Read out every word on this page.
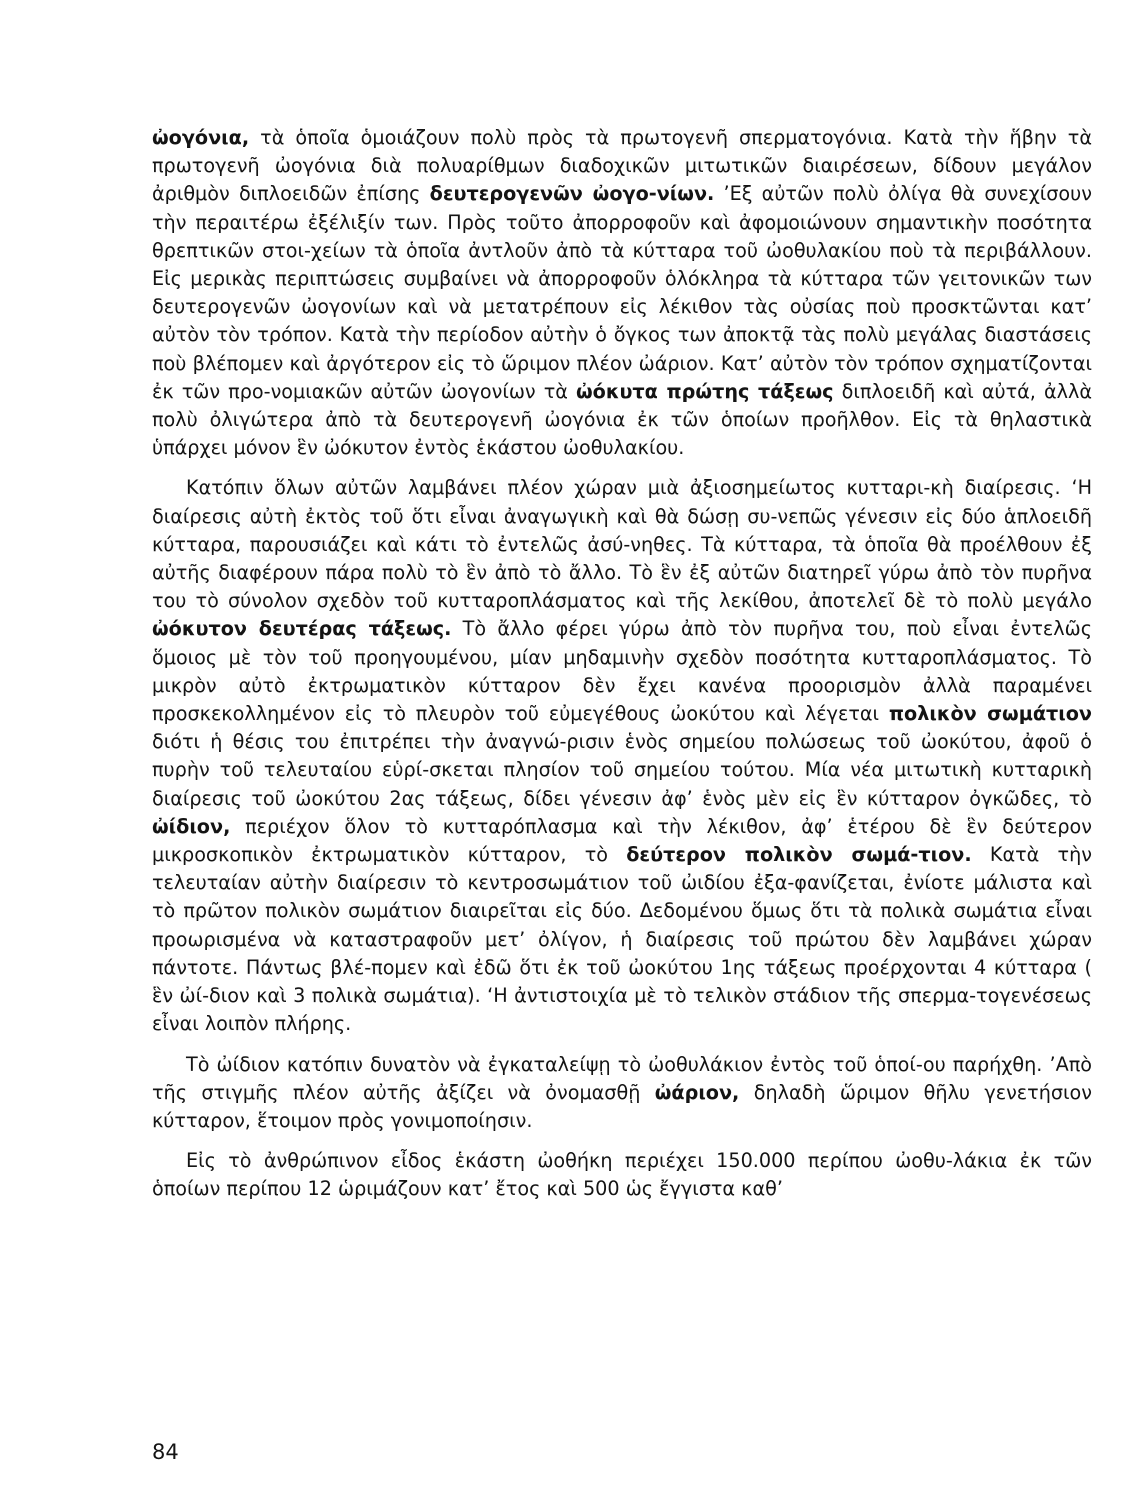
ὠογόνια, τὰ ὁποῖα ὁμοιάζουν πολὺ πρὸς τὰ πρωτογενῆ σπερματογόνια. Κατὰ τὴν ἥβην τὰ πρωτογενῆ ὠογόνια διὰ πολυαρίθμων διαδοχικῶν μιτωτικῶν διαιρέσεων, δίδουν μεγάλον ἀριθμὸν διπλοειδῶν ἐπίσης δευτερογενῶν ὠογο-νίων. ’Εξ αὐτῶν πολὺ ὀλίγα θὰ συνεχίσουν τὴν περαιτέρω ἐξέλιξίν των. Πρὸς τοῦτο ἀπορροφοῦν καὶ ἀφομοιώνουν σημαντικὴν ποσότητα θρεπτικῶν στοι-χείων τὰ ὁποῖα ἀντλοῦν ἀπὸ τὰ κύτταρα τοῦ ὠοθυλακίου ποὺ τὰ περιβάλλουν. Εἰς μερικὰς περιπτώσεις συμβαίνει νὰ ἀπορροφοῦν ὁλόκληρα τὰ κύτταρα τῶν γειτονικῶν των δευτερογενῶν ὠογονίων καὶ νὰ μετατρέπουν εἰς λέκιθον τὰς οὐσίας ποὺ προσκτῶνται κατ’ αὐτὸν τὸν τρόπον. Κατὰ τὴν περίοδον αὐτὴν ὁ ὄγκος των ἀποκτᾷ τὰς πολὺ μεγάλας διαστάσεις ποὺ βλέπομεν καὶ ἀργότερον εἰς τὸ ὥριμον πλέον ὠάριον. Κατ’ αὐτὸν τὸν τρόπον σχηματίζονται ἐκ τῶν προ-νομιακῶν αὐτῶν ὠογονίων τὰ ὠόκυτα πρώτης τάξεως διπλοειδῆ καὶ αὐτά, ἀλλὰ πολὺ ὀλιγώτερα ἀπὸ τὰ δευτερογενῆ ὠογόνια ἐκ τῶν ὁποίων προῆλθον. Εἰς τὰ θηλαστικὰ ὑπάρχει μόνον ἓν ὠόκυτον ἐντὸς ἑκάστου ὠοθυλακίου.
Κατόπιν ὅλων αὐτῶν λαμβάνει πλέον χώραν μιὰ ἀξιοσημείωτος κυτταρι-κὴ διαίρεσις. ‘Η διαίρεσις αὐτὴ ἐκτὸς τοῦ ὅτι εἶναι ἀναγωγικὴ καὶ θὰ δώσῃ συ-νεπῶς γένεσιν εἰς δύο ἁπλοειδῆ κύτταρα, παρουσιάζει καὶ κάτι τὸ ἐντελῶς ἀσύ-νηθες. Τὰ κύτταρα, τὰ ὁποῖα θὰ προέλθουν ἐξ αὐτῆς διαφέρουν πάρα πολὺ τὸ ἓν ἀπὸ τὸ ἄλλο. Τὸ ἓν ἐξ αὐτῶν διατηρεῖ γύρω ἀπὸ τὸν πυρῆνα του τὸ σύνολον σχεδὸν τοῦ κυτταροπλάσματος καὶ τῆς λεκίθου, ἀποτελεῖ δὲ τὸ πολὺ μεγάλο ὠόκυτον δευτέρας τάξεως. Τὸ ἄλλο φέρει γύρω ἀπὸ τὸν πυρῆνα του, ποὺ εἶναι ἐντελῶς ὅμοιος μὲ τὸν τοῦ προηγουμένου, μίαν μηδαμινὴν σχεδὸν ποσότητα κυτταροπλάσματος. Τὸ μικρὸν αὐτὸ ἐκτρωματικὸν κύτταρον δὲν ἔχει κανένα προορισμὸν ἀλλὰ παραμένει προσκεκολλημένον εἰς τὸ πλευρὸν τοῦ εὐμεγέθους ὠοκύτου καὶ λέγεται πολικὸν σωμάτιον διότι ἡ θέσις του ἐπιτρέπει τὴν ἀναγνώ-ρισιν ἑνὸς σημείου πολώσεως τοῦ ὠοκύτου, ἀφοῦ ὁ πυρὴν τοῦ τελευταίου εὑρί-σκεται πλησίον τοῦ σημείου τούτου. Μία νέα μιτωτικὴ κυτταρικὴ διαίρεσις τοῦ ὠοκύτου 2ας τάξεως, δίδει γένεσιν ἀφ’ ἑνὸς μὲν εἰς ἓν κύτταρον ὀγκῶδες, τὸ ὠίδιον, περιέχον ὅλον τὸ κυτταρόπλασμα καὶ τὴν λέκιθον, ἀφ’ ἑτέρου δὲ ἓν δεύτερον μικροσκοπικὸν ἐκτρωματικὸν κύτταρον, τὸ δεύτερον πολικὸν σωμά-τιον. Κατὰ τὴν τελευταίαν αὐτὴν διαίρεσιν τὸ κεντροσωμάτιον τοῦ ὠιδίου ἐξα-φανίζεται, ἐνίοτε μάλιστα καὶ τὸ πρῶτον πολικὸν σωμάτιον διαιρεῖται εἰς δύο. Δεδομένου ὅμως ὅτι τὰ πολικὰ σωμάτια εἶναι προωρισμένα νὰ καταστραφοῦν μετ’ ὀλίγον, ἡ διαίρεσις τοῦ πρώτου δὲν λαμβάνει χώραν πάντοτε. Πάντως βλέ-πομεν καὶ ἐδῶ ὅτι ἐκ τοῦ ὠοκύτου 1ης τάξεως προέρχονται 4 κύτταρα ( ἓν ὠί-διον καὶ 3 πολικὰ σωμάτια). ‘Η ἀντιστοιχία μὲ τὸ τελικὸν στάδιον τῆς σπερμα-τογενέσεως εἶναι λοιπὸν πλήρης.
Τὸ ὠίδιον κατόπιν δυνατὸν νὰ ἐγκαταλείψῃ τὸ ὠοθυλάκιον ἐντὸς τοῦ ὁποί-ου παρήχθη. ’Απὸ τῆς στιγμῆς πλέον αὐτῆς ἀξίζει νὰ ὀνομασθῇ ὠάριον, δηλαδὴ ὥριμον θῆλυ γενετήσιον κύτταρον, ἕτοιμον πρὸς γονιμοποίησιν.
Εἰς τὸ ἀνθρώπινον εἶδος ἑκάστη ὠοθήκη περιέχει 150.000 περίπου ὠοθυ-λάκια ἐκ τῶν ὁποίων περίπου 12 ὡριμάζουν κατ’ ἔτος καὶ 500 ὡς ἔγγιστα καθ’
84
